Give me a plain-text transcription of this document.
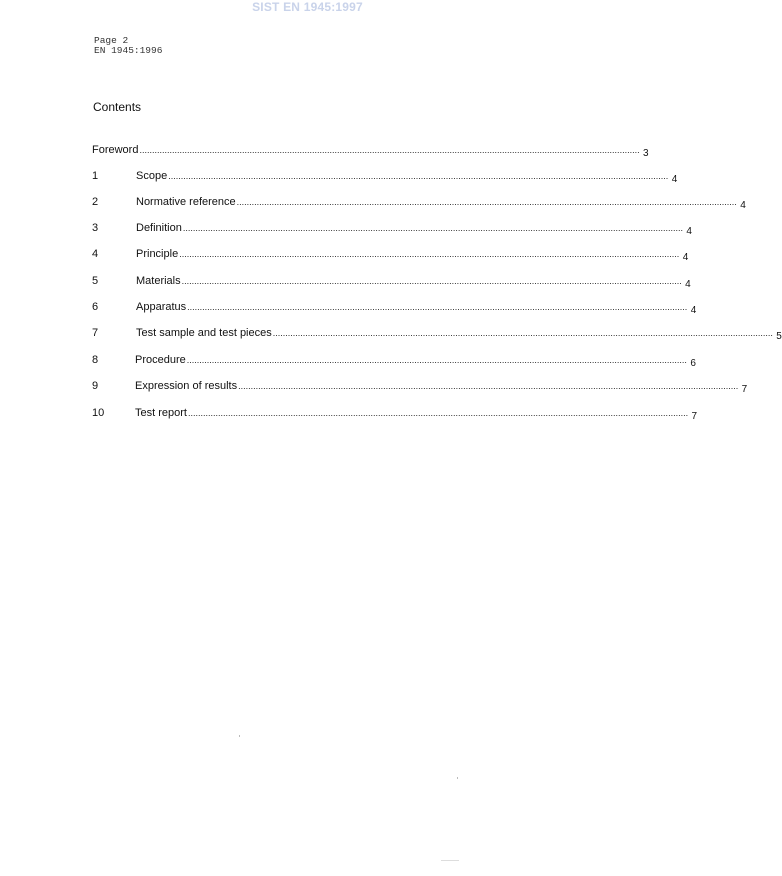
SIST EN 1945:1997
Page 2
EN 1945:1996
Contents
Foreword ........................................................................................................................................................................................................ 3
1	Scope ........................................................................................................................................................................................................ 4
2	Normative reference ........................................................................................................................................................................................................ 4
3	Definition ........................................................................................................................................................................................................ 4
4	Principle ........................................................................................................................................................................................................ 4
5	Materials ........................................................................................................................................................................................................ 4
6	Apparatus ........................................................................................................................................................................................................ 4
7	Test sample and test pieces ........................................................................................................................................................................................................ 5
8	Procedure ........................................................................................................................................................................................................ 6
9	Expression of results ........................................................................................................................................................................................................ 7
10	Test report ........................................................................................................................................................................................................ 7
